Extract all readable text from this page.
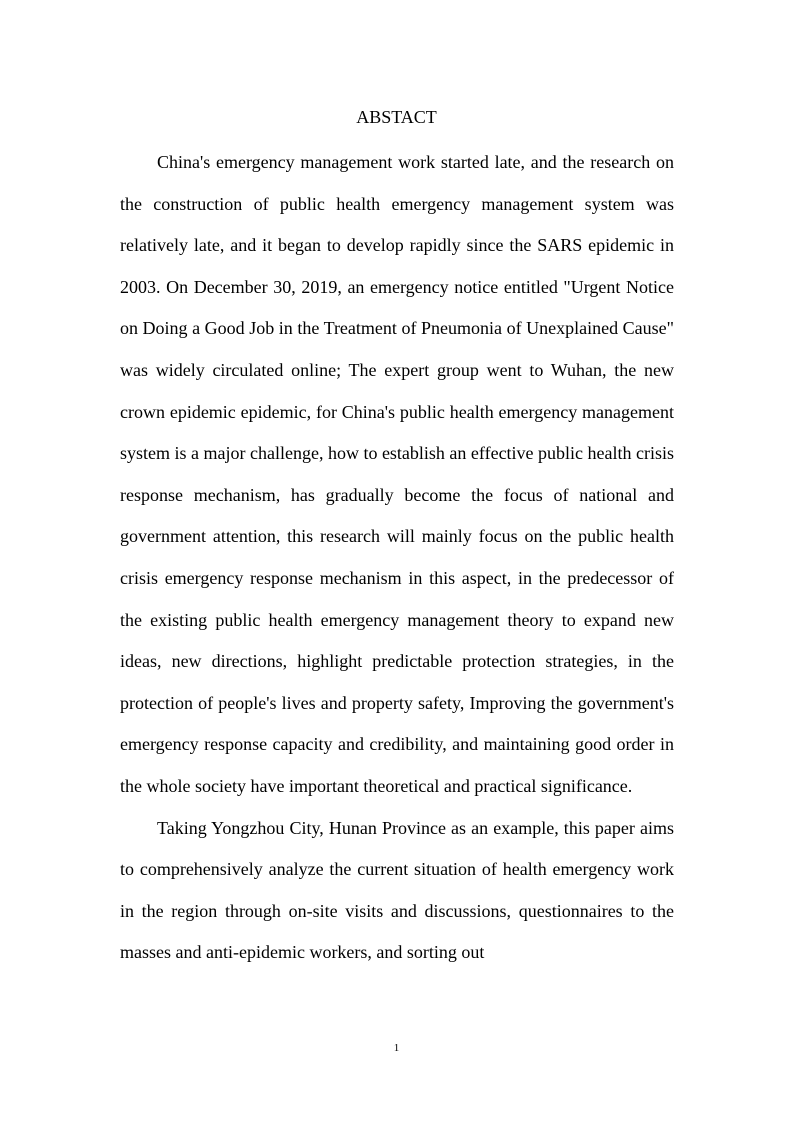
ABSTACT

China's emergency management work started late, and the research on the construction of public health emergency management system was relatively late, and it began to develop rapidly since the SARS epidemic in 2003. On December 30, 2019, an emergency notice entitled "Urgent Notice on Doing a Good Job in the Treatment of Pneumonia of Unexplained Cause" was widely circulated online; The expert group went to Wuhan, the new crown epidemic epidemic, for China's public health emergency management system is a major challenge, how to establish an effective public health crisis response mechanism, has gradually become the focus of national and government attention, this research will mainly focus on the public health crisis emergency response mechanism in this aspect, in the predecessor of the existing public health emergency management theory to expand new ideas, new directions, highlight predictable protection strategies, in the protection of people's lives and property safety, Improving the government's emergency response capacity and credibility, and maintaining good order in the whole society have important theoretical and practical significance.

Taking Yongzhou City, Hunan Province as an example, this paper aims to comprehensively analyze the current situation of health emergency work in the region through on-site visits and discussions, questionnaires to the masses and anti-epidemic workers, and sorting out

1
